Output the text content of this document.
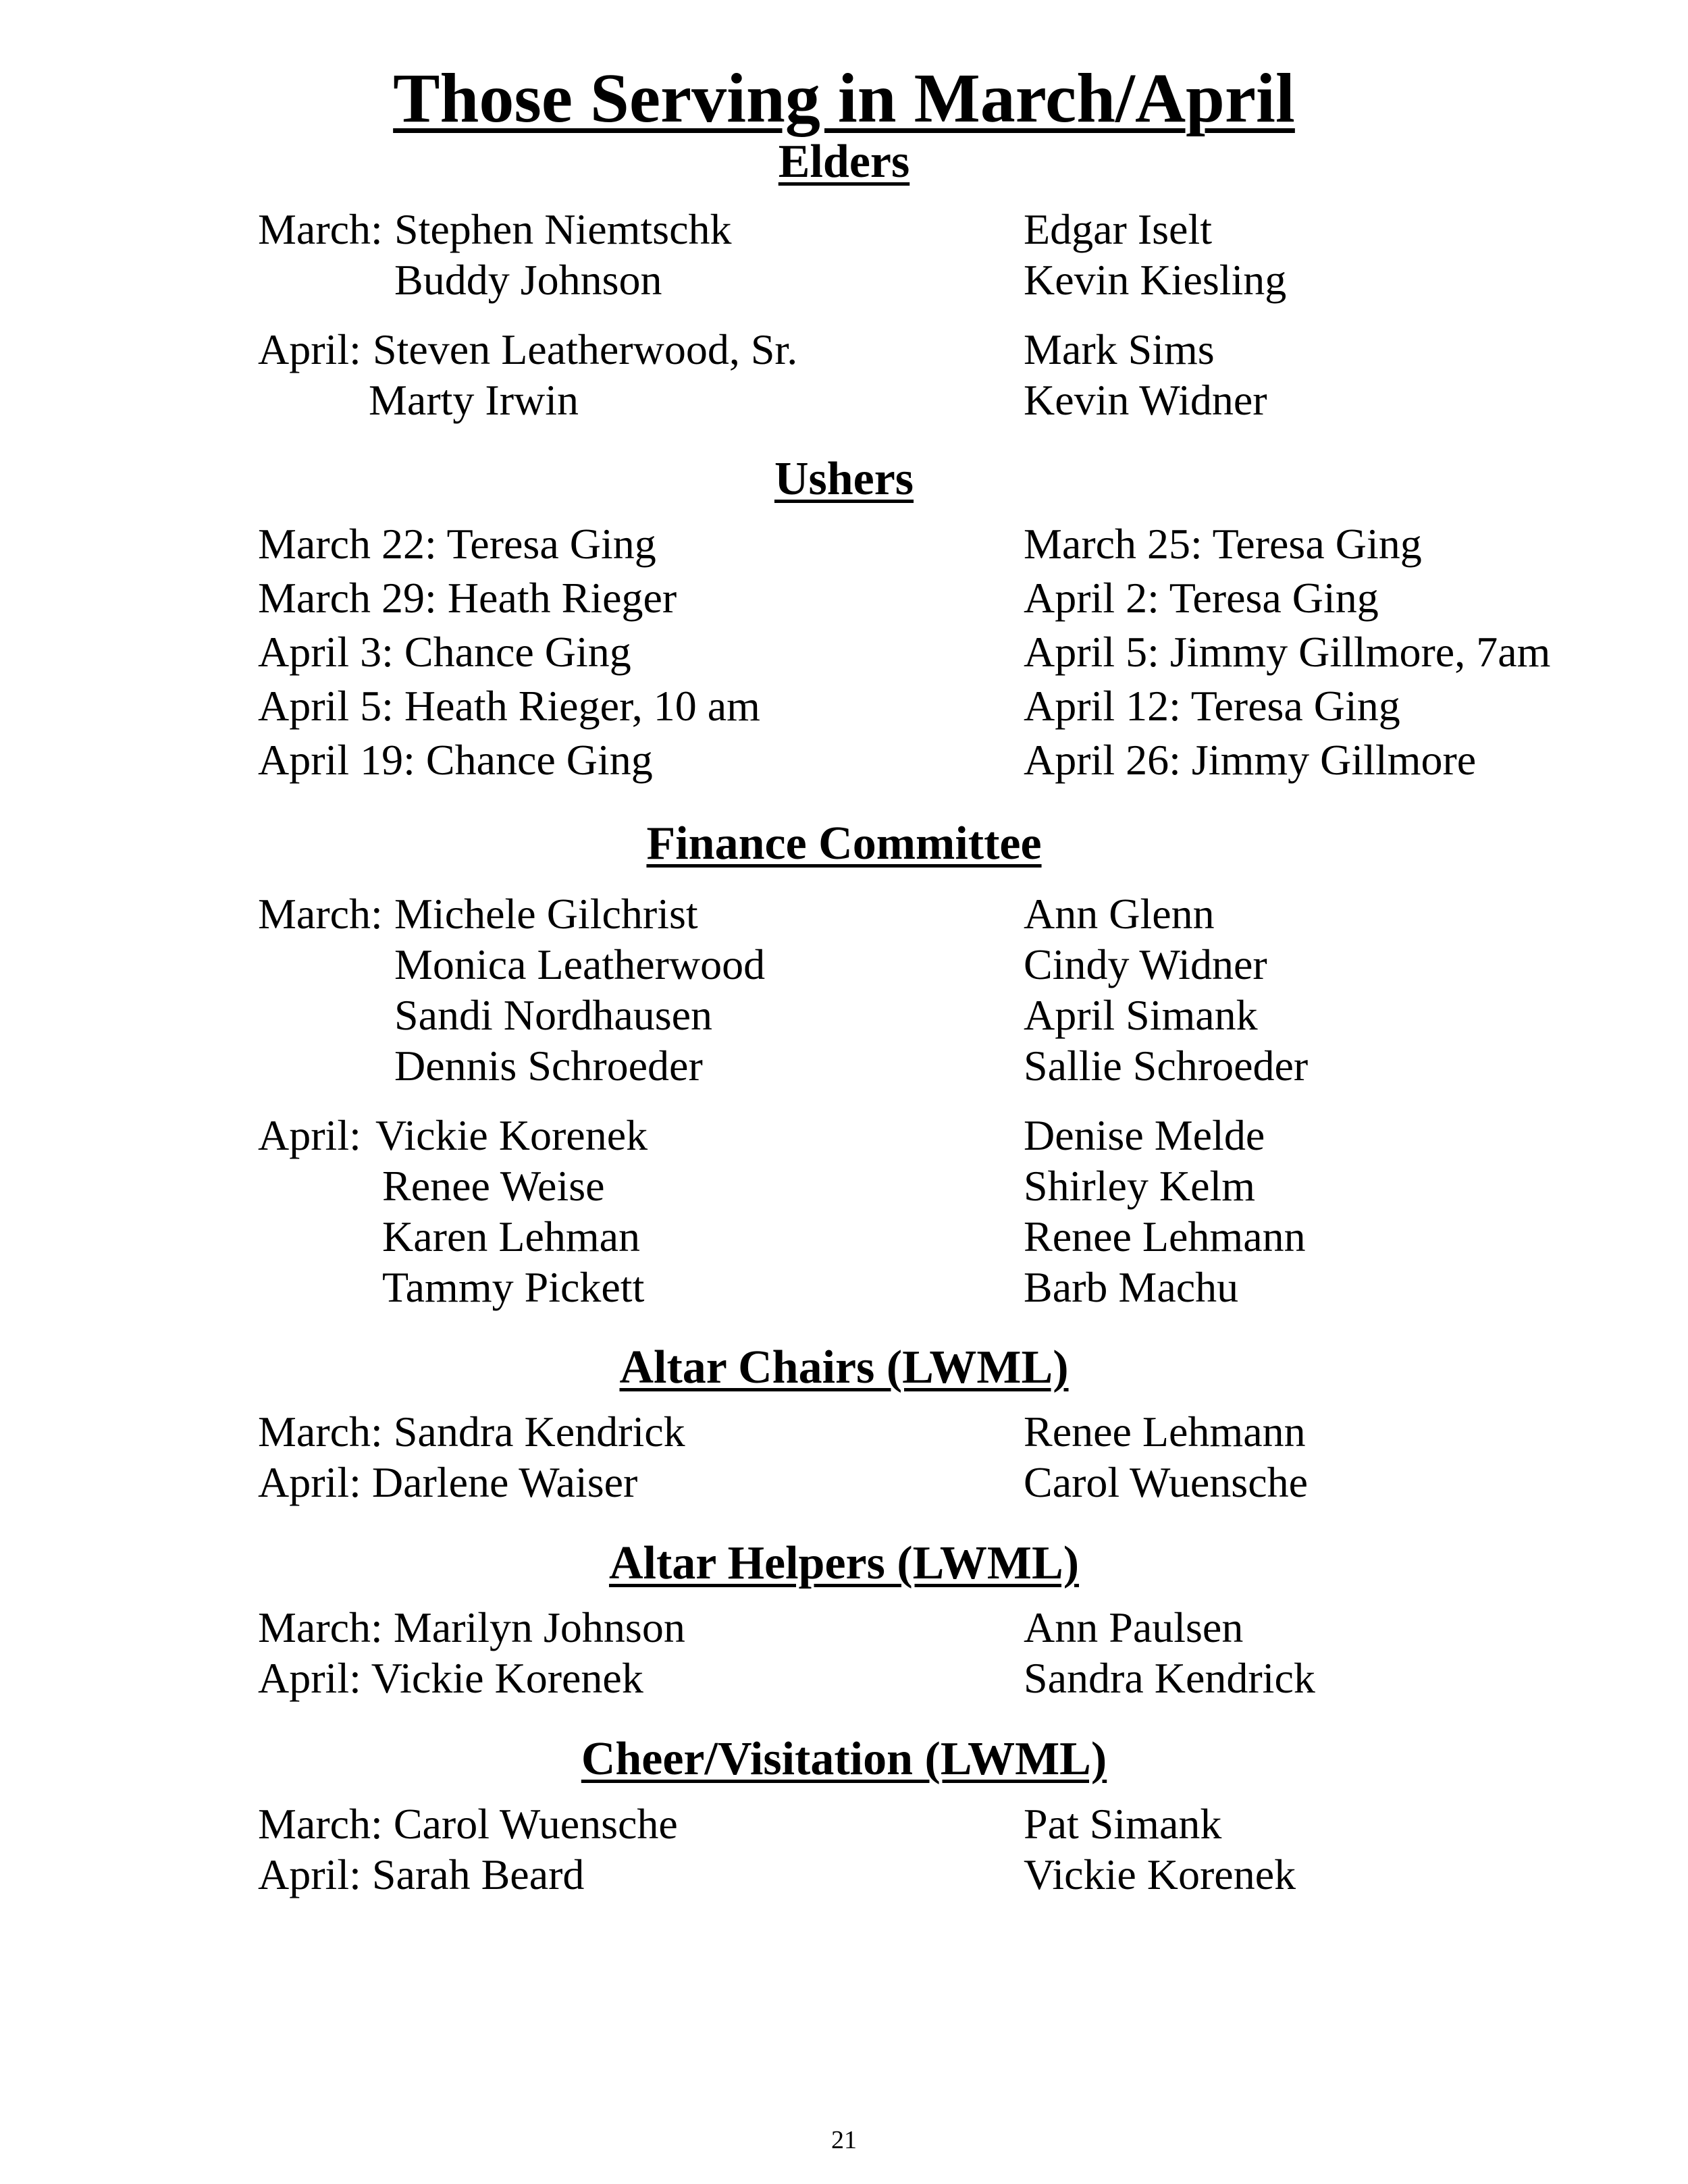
Those Serving in March/April
Elders
March: Stephen Niemtschk
Buddy Johnson
Edgar Iselt
Kevin Kiesling
April: Steven Leatherwood, Sr.
Marty Irwin
Mark Sims
Kevin Widner
Ushers
March 22: Teresa Ging
March 29: Heath Rieger
April 3: Chance Ging
April 5: Heath Rieger, 10 am
April 19: Chance Ging
March 25: Teresa Ging
April 2: Teresa Ging
April 5: Jimmy Gillmore, 7am
April 12: Teresa Ging
April 26: Jimmy Gillmore
Finance Committee
March: Michele Gilchrist
Monica Leatherwood
Sandi Nordhausen
Dennis Schroeder
Ann Glenn
Cindy Widner
April Simank
Sallie Schroeder
April: Vickie Korenek
Renee Weise
Karen Lehman
Tammy Pickett
Denise Melde
Shirley Kelm
Renee Lehmann
Barb Machu
Altar Chairs (LWML)
March: Sandra Kendrick
April: Darlene Waiser
Renee Lehmann
Carol Wuensche
Altar Helpers (LWML)
March: Marilyn Johnson
April: Vickie Korenek
Ann Paulsen
Sandra Kendrick
Cheer/Visitation (LWML)
March: Carol Wuensche
April: Sarah Beard
Pat Simank
Vickie Korenek
21
